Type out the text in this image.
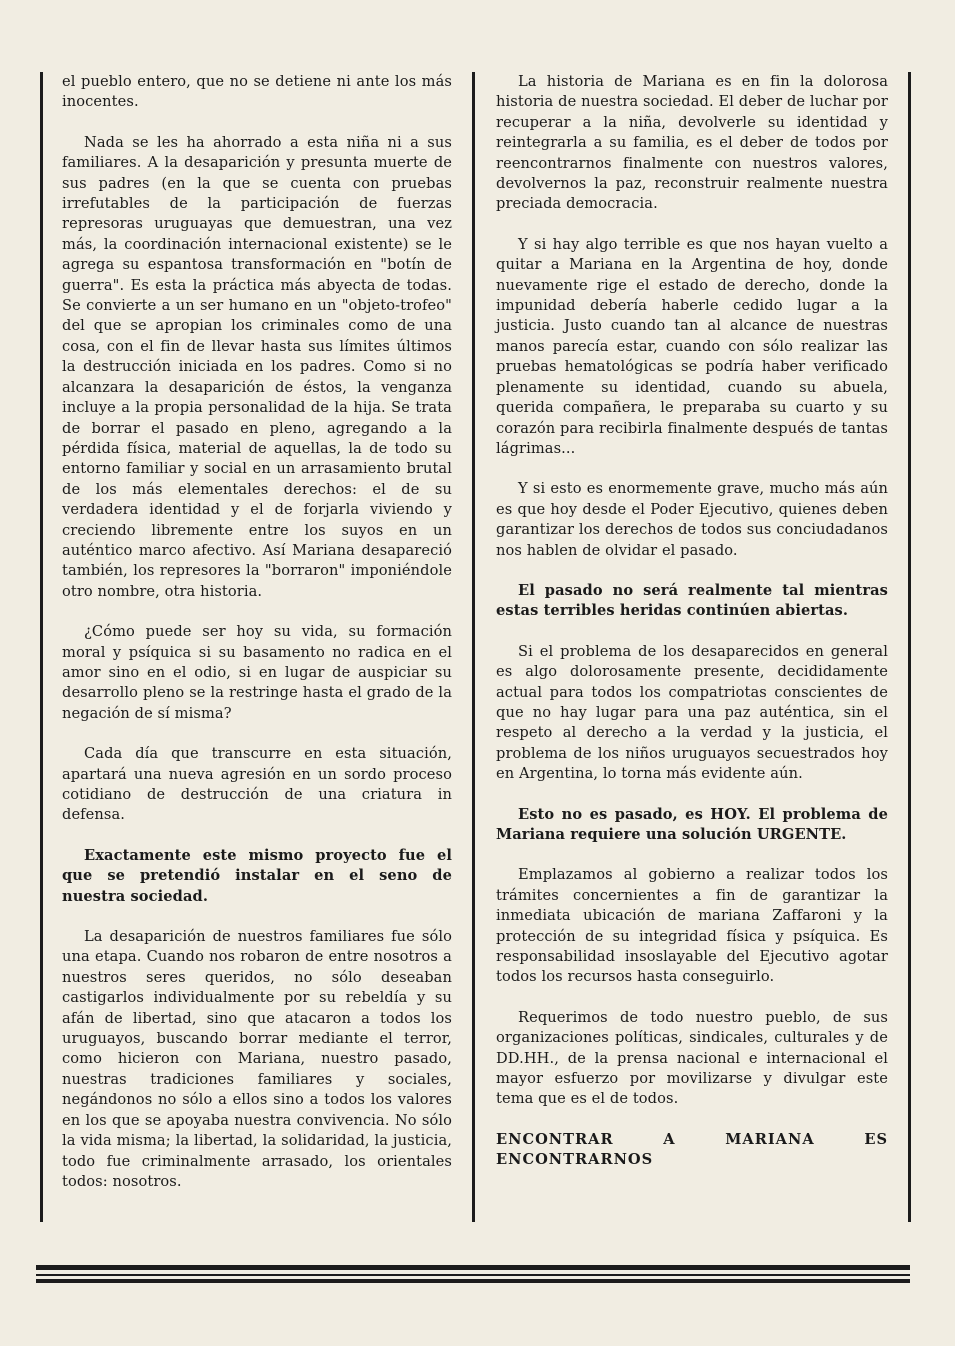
el pueblo entero, que no se detiene ni ante los más inocentes.

Nada se les ha ahorrado a esta niña ni a sus familiares. A la desaparición y presunta muerte de sus padres (en la que se cuenta con pruebas irrefutables de la participación de fuerzas represoras uruguayas que demuestran, una vez más, la coordinación internacional existente) se le agrega su espantosa transformación en "botín de guerra". Es esta la práctica más abyecta de todas. Se convierte a un ser humano en un "objeto-trofeo" del que se apropian los criminales como de una cosa, con el fin de llevar hasta sus límites últimos la destrucción iniciada en los padres. Como si no alcanzara la desaparición de éstos, la venganza incluye a la propia personalidad de la hija. Se trata de borrar el pasado en pleno, agregando a la pérdida física, material de aquellas, la de todo su entorno familiar y social en un arrasamiento brutal de los más elementales derechos: el de su verdadera identidad y el de forjarla viviendo y creciendo libremente entre los suyos en un auténtico marco afectivo. Así Mariana desapareció también, los represores la "borraron" imponiéndole otro nombre, otra historia.

¿Cómo puede ser hoy su vida, su formación moral y psíquica si su basamento no radica en el amor sino en el odio, si en lugar de auspiciar su desarrollo pleno se la restringe hasta el grado de la negación de sí misma?

Cada día que transcurre en esta situación, apartará una nueva agresión en un sordo proceso cotidiano de destrucción de una criatura in defensa.

Exactamente este mismo proyecto fue el que se pretendió instalar en el seno de nuestra sociedad.

La desaparición de nuestros familiares fue sólo una etapa. Cuando nos robaron de entre nosotros a nuestros seres queridos, no sólo deseaban castigarlos individualmente por su rebeldía y su afán de libertad, sino que atacaron a todos los uruguayos, buscando borrar mediante el terror, como hicieron con Mariana, nuestro pasado, nuestras tradiciones familiares y sociales, negándonos no sólo a ellos sino a todos los valores en los que se apoyaba nuestra convivencia. No sólo la vida misma; la libertad, la solidaridad, la justicia, todo fue criminalmente arrasado, los orientales todos: nosotros.

La historia de Mariana es en fin la dolorosa historia de nuestra sociedad. El deber de luchar por recuperar a la niña, devolverle su identidad y reintegrarla a su familia, es el deber de todos por reencontrarnos finalmente con nuestros valores, devolvernos la paz, reconstruir realmente nuestra preciada democracia.

Y si hay algo terrible es que nos hayan vuelto a quitar a Mariana en la Argentina de hoy, donde nuevamente rige el estado de derecho, donde la impunidad debería haberle cedido lugar a la justicia. Justo cuando tan al alcance de nuestras manos parecía estar, cuando con sólo realizar las pruebas hematológicas se podría haber verificado plenamente su identidad, cuando su abuela, querida compañera, le preparaba su cuarto y su corazón para recibirla finalmente después de tantas lágrimas...

Y si esto es enormemente grave, mucho más aún es que hoy desde el Poder Ejecutivo, quienes deben garantizar los derechos de todos sus conciudadanos nos hablen de olvidar el pasado.

El pasado no será realmente tal mientras estas terribles heridas continúen abiertas.

Si el problema de los desaparecidos en general es algo dolorosamente presente, decididamente actual para todos los compatriotas conscientes de que no hay lugar para una paz auténtica, sin el respeto al derecho a la verdad y la justicia, el problema de los niños uruguayos secuestrados hoy en Argentina, lo torna más evidente aún.

Esto no es pasado, es HOY. El problema de Mariana requiere una solución URGENTE.

Emplazamos al gobierno a realizar todos los trámites concernientes a fin de garantizar la inmediata ubicación de mariana Zaffaroni y la protección de su integridad física y psíquica. Es responsabilidad insoslayable del Ejecutivo agotar todos los recursos hasta conseguirlo.

Requerimos de todo nuestro pueblo, de sus organizaciones políticas, sindicales, culturales y de DD.HH., de la prensa nacional e internacional el mayor esfuerzo por movilizarse y divulgar este tema que es el de todos.

ENCONTRAR A MARIANA ES ENCONTRARNOS
